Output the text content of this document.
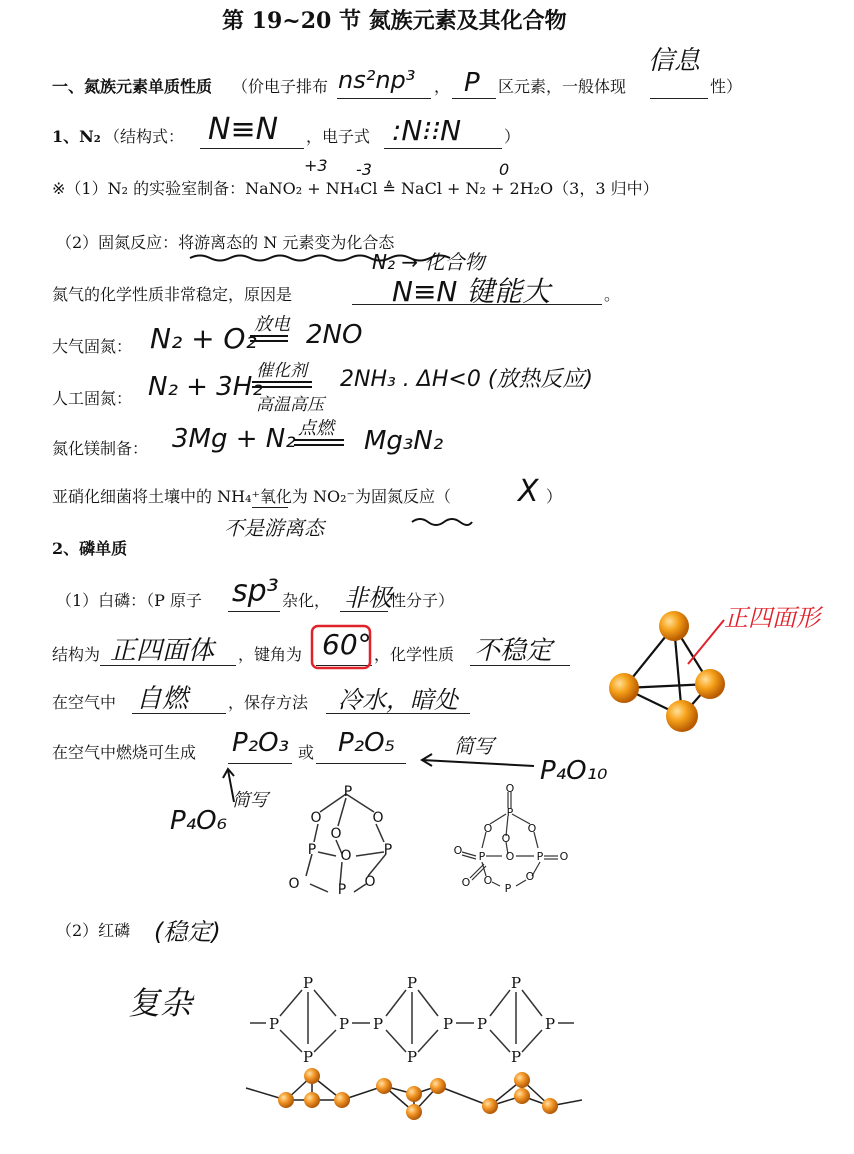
第 19~20 节 氮族元素及其化合物
一、氮族元素单质性质 （价电子排布 ns²np³ ， P 区元素，一般体现
信息
性）
1、N₂ （结构式： N≡N ，电子式 :N⁝⁝N	）
+3 -3	0
※（1）N₂ 的实验室制备：NaNO₂ + NH₄Cl ≜ NaCl + N₂ + 2H₂O（3，3 归中）
（2）固氮反应：将游离态的 N 元素变为化合态
N₂ → 化合物
氮气的化学性质非常稳定，原因是	N≡N 键能大	。
大气固氮： N₂ + O₂
放电 2NO
人工固氮： N₂ + 3H₂
催化剂
高温高压
2NH₃ . ΔH<0 (放热反应)
氮化镁制备： 3Mg + N₂ 点燃 Mg₃N₂
亚硝化细菌将土壤中的 NH₄⁺氧化为 NO₂⁻为固氮反应（ X ）
不是游离态
2、磷单质
（1）白磷：（P 原子 sp³ 杂化， 非极
性分子）
结构为 正四面体 ，键角为 60° ，化学性质 不稳定
在空气中 自燃 ，保存方法 冷水，暗处
在空气中燃烧可生成 P₂O₃ 或 P₂O₅	简写
P₄O₁₀
简写
P₄O₆
P
O	O
O
P	P
O
O	P O
O
P
O	O
O
O P O P O
O O
P
O
正四面形
（2）红磷 (稳定)
复杂
P
P
P
P P
P
P
P P
P
P
P
